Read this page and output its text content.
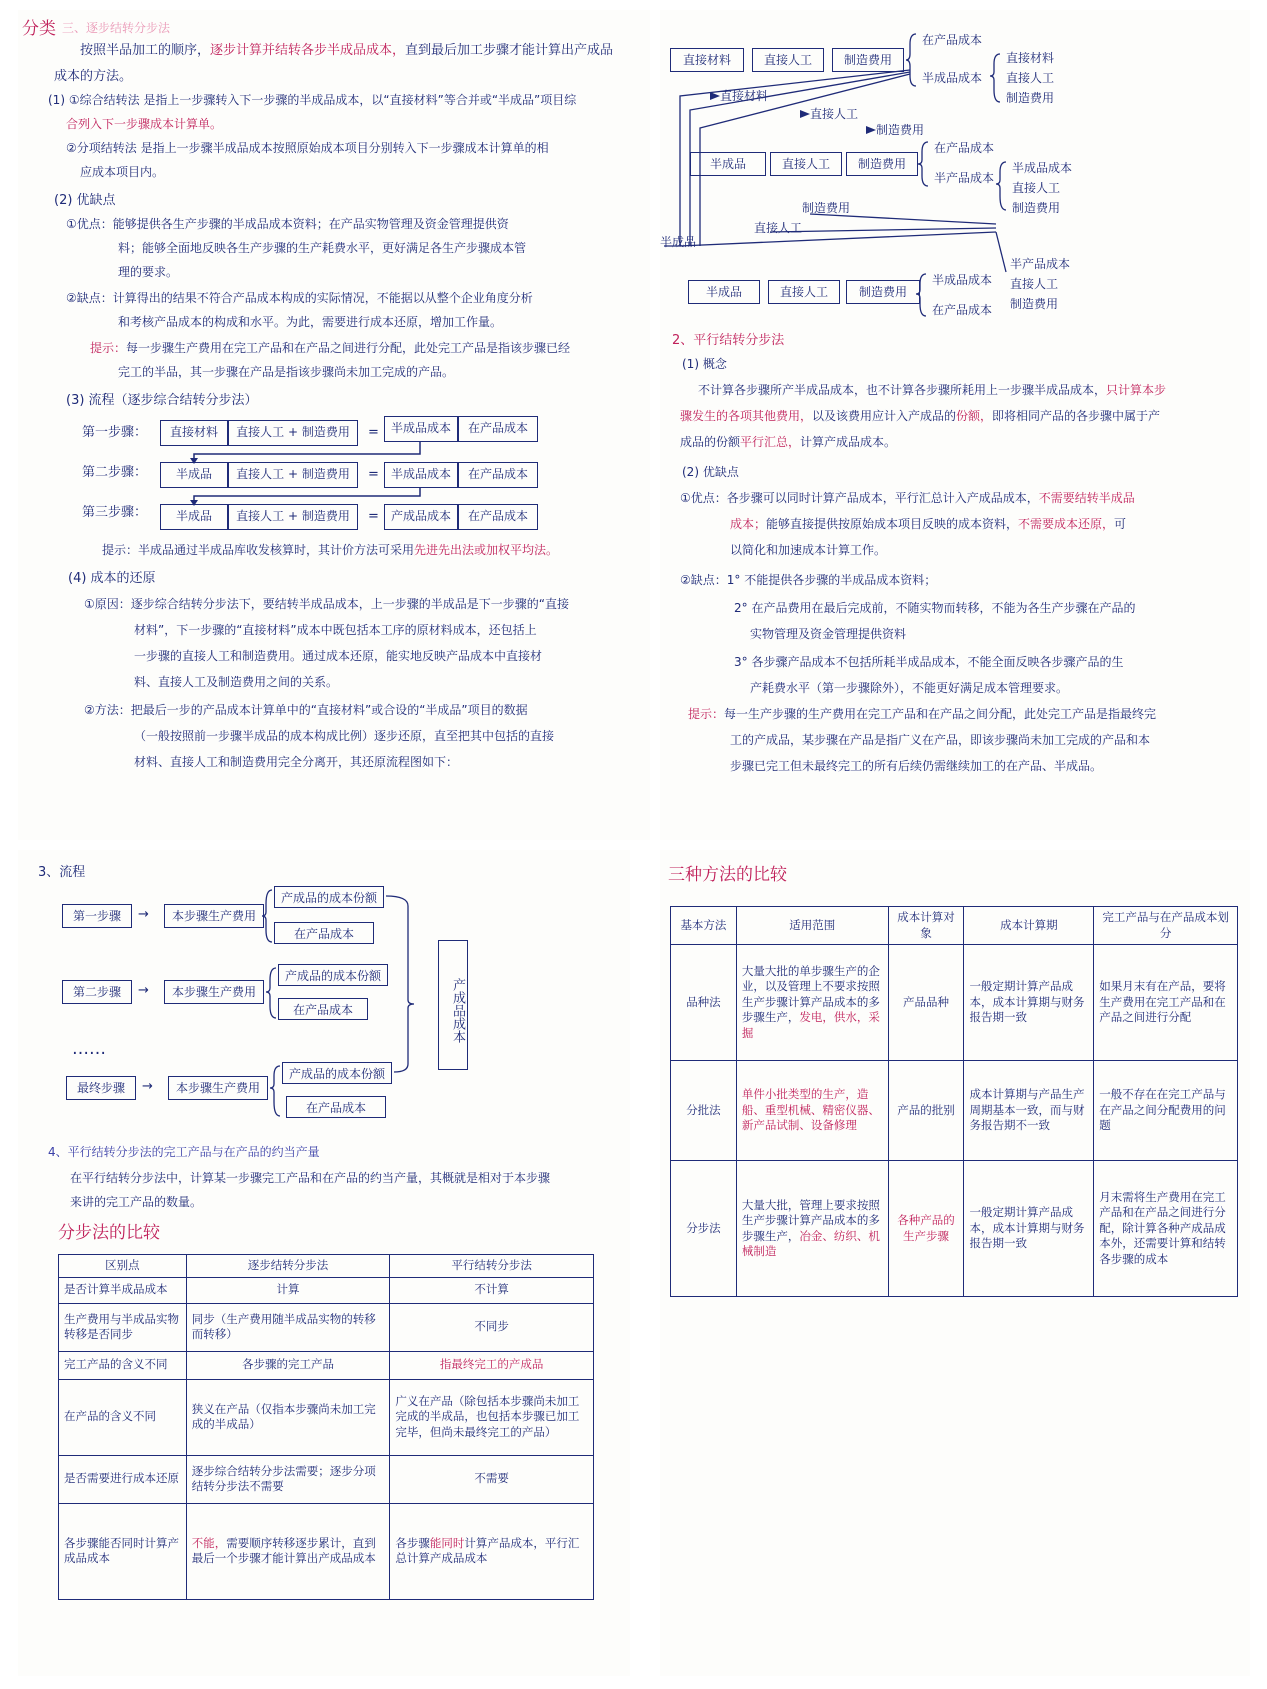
分类 三、逐步结转分步法
按照半品加工的顺序，逐步计算并结转各步半成品成本，直到最后加工步骤才能计算出产成品
成本的方法。
(1) ①综合结转法 是指上一步骤转入下一步骤的半成品成本，以“直接材料”等合并或“半成品”项目综
合列入下一步骤成本计算单。
②分项结转法 是指上一步骤半成品成本按照原始成本项目分别转入下一步骤成本计算单的相
应成本项目内。
(2) 优缺点
①优点：能够提供各生产步骤的半成品成本资料；在产品实物管理及资金管理提供资
料；能够全面地反映各生产步骤的生产耗费水平，更好满足各生产步骤成本管
理的要求。
②缺点：计算得出的结果不符合产品成本构成的实际情况，不能据以从整个企业角度分析
和考核产品成本的构成和水平。为此，需要进行成本还原，增加工作量。
提示：每一步骤生产费用在完工产品和在产品之间进行分配，此处完工产品是指该步骤已经
完工的半品，其一步骤在产品是指该步骤尚未加工完成的产品。
(3) 流程（逐步综合结转分步法）
第一步骤：	直接材料	直接人工 + 制造费用	=	半成品成本	在产品成本
第二步骤：	半成品	直接人工 + 制造费用	=	半成品成本	在产品成本
第三步骤：	半成品	直接人工 + 制造费用	=	产成品成本	在产品成本
提示：半成品通过半成品库收发核算时，其计价方法可采用先进先出法或加权平均法。
(4) 成本的还原
①原因：逐步综合结转分步法下，要结转半成品成本，上一步骤的半成品是下一步骤的“直接
材料”，下一步骤的“直接材料”成本中既包括本工序的原材料成本，还包括上
一步骤的直接人工和制造费用。通过成本还原，能实地反映产品成本中直接材
料、直接人工及制造费用之间的关系。
②方法：把最后一步的产品成本计算单中的“直接材料”或合设的“半成品”项目的数据
（一般按照前一步骤半成品的成本构成比例）逐步还原，直至把其中包括的直接
材料、直接人工和制造费用完全分离开，其还原流程图如下：
直接材料	直接人工	制造费用
在产品成本
半成品成本
直接材料
直接人工
制造费用
直接材料
直接人工
制造费用
半成品	直接人工	制造费用
在产品成本
半产品成本
半成品成本
直接人工
制造费用
制造费用
直接人工
半成品
半成品	直接人工	制造费用
半成品成本
在产品成本
半产品成本
直接人工
制造费用
2、平行结转分步法
(1) 概念
不计算各步骤所产半成品成本，也不计算各步骤所耗用上一步骤半成品成本，只计算本步
骤发生的各项其他费用，以及该费用应计入产成品的份额，即将相同产品的各步骤中属于产
成品的份额平行汇总，计算产成品成本。
(2) 优缺点
①优点：各步骤可以同时计算产品成本，平行汇总计入产成品成本，不需要结转半成品
成本；能够直接提供按原始成本项目反映的成本资料，不需要成本还原，可
以简化和加速成本计算工作。
②缺点：1° 不能提供各步骤的半成品成本资料；
2° 在产品费用在最后完成前，不随实物而转移，不能为各生产步骤在产品的
实物管理及资金管理提供资料
3° 各步骤产品成本不包括所耗半成品成本，不能全面反映各步骤产品的生
产耗费水平（第一步骤除外），不能更好满足成本管理要求。
提示：每一生产步骤的生产费用在完工产品和在产品之间分配，此处完工产品是指最终完
工的产成品，某步骤在产品是指广义在产品，即该步骤尚未加工完成的产品和本
步骤已完工但未最终完工的所有后续仍需继续加工的在产品、半成品。
3、流程
第一步骤	→	本步骤生产费用
产成品的成本份额
在产品成本
第二步骤	→	本步骤生产费用
产成品的成本份额
在产品成本
……
最终步骤	→	本步骤生产费用
产成品的成本份额
在产品成本
产成品成本
4、平行结转分步法的完工产品与在产品的约当产量
在平行结转分步法中，计算某一步骤完工产品和在产品的约当产量，其概就是相对于本步骤
来讲的完工产品的数量。
分步法的比较
区别点	逐步结转分步法	平行结转分步法
是否计算半成品成本	计算	不计算
生产费用与半成品实物转移是否同步	同步（生产费用随半成品实物的转移而转移）	不同步
完工产品的含义不同	各步骤的完工产品	指最终完工的产成品
在产品的含义不同	狭义在产品（仅指本步骤尚未加工完成的半成品）	广义在产品（除包括本步骤尚未加工完成的半成品，也包括本步骤已加工完毕，但尚未最终完工的产品）
是否需要进行成本还原	逐步综合结转分步法需要；逐步分项结转分步法不需要	不需要
各步骤能否同时计算产成品成本	不能，需要顺序转移逐步累计，直到最后一个步骤才能计算出产成品成本	各步骤能同时计算产品成本，平行汇总计算产成品成本
三种方法的比较
基本方法	适用范围	成本计算对象	成本计算期	完工产品与在产品成本划分
品种法	大量大批的单步骤生产的企业，以及管理上不要求按照生产步骤计算产品成本的多步骤生产，发电，供水，采掘	产品品种	一般定期计算产品成本，成本计算期与财务报告期一致	如果月末有在产品，要将生产费用在完工产品和在产品之间进行分配
分批法	单件小批类型的生产，造船、重型机械、精密仪器、新产品试制、设备修理	产品的批别	成本计算期与产品生产周期基本一致，而与财务报告期不一致	一般不存在在完工产品与在产品之间分配费用的问题
分步法	大量大批，管理上要求按照生产步骤计算产品成本的多步骤生产，冶金、纺织、机械制造	各种产品的生产步骤	一般定期计算产品成本，成本计算期与财务报告期一致	月末需将生产费用在完工产品和在产品之间进行分配，除计算各种产成品成本外，还需要计算和结转各步骤的成本
